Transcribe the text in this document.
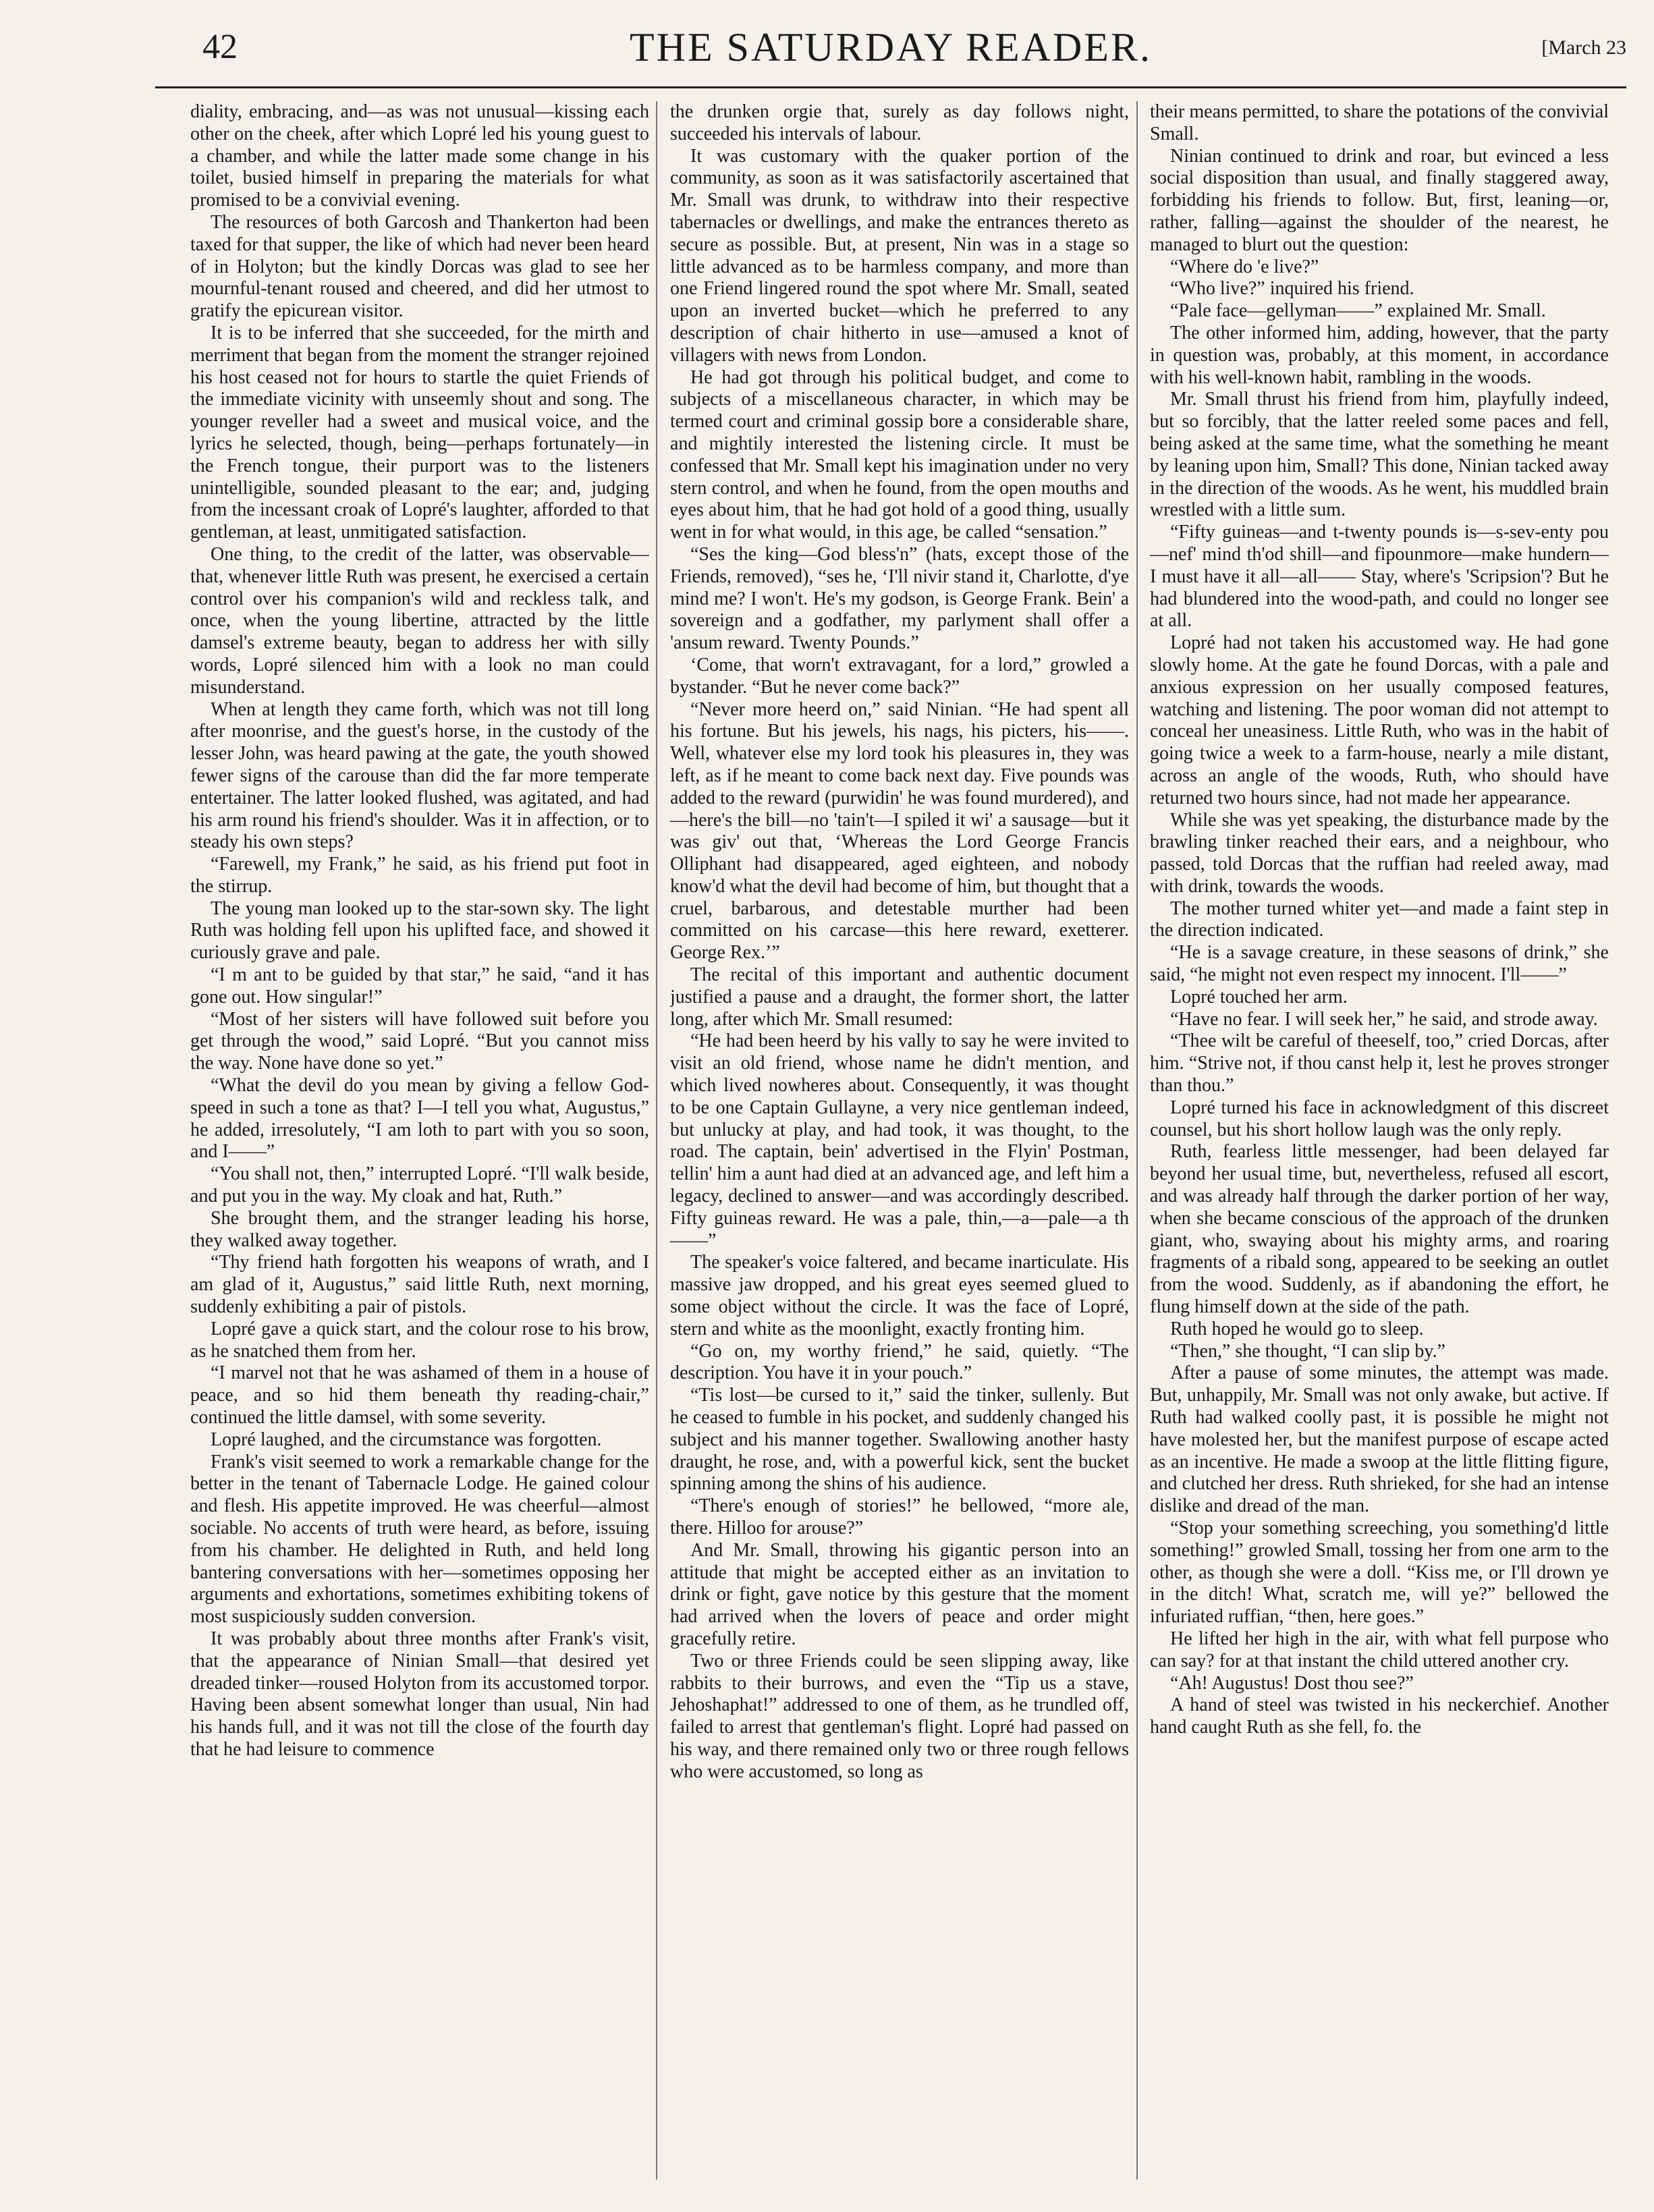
42	THE SATURDAY READER.	[March 23

diality, embracing, and—as was not unusual—kissing each other on the cheek, after which Lopré led his young guest to a chamber, and while the latter made some change in his toilet, busied himself in preparing the materials for what promised to be a convivial evening.

The resources of both Garcosh and Thankerton had been taxed for that supper, the like of which had never been heard of in Holyton; but the kindly Dorcas was glad to see her mournful-tenant roused and cheered, and did her utmost to gratify the epicurean visitor.

It is to be inferred that she succeeded, for the mirth and merriment that began from the moment the stranger rejoined his host ceased not for hours to startle the quiet Friends of the immediate vicinity with unseemly shout and song. The younger reveller had a sweet and musical voice, and the lyrics he selected, though, being—perhaps fortunately—in the French tongue, their purport was to the listeners unintelligible, sounded pleasant to the ear; and, judging from the incessant croak of Lopré's laughter, afforded to that gentleman, at least, unmitigated satisfaction.

One thing, to the credit of the latter, was observable—that, whenever little Ruth was present, he exercised a certain control over his companion's wild and reckless talk, and once, when the young libertine, attracted by the little damsel's extreme beauty, began to address her with silly words, Lopré silenced him with a look no man could misunderstand.

When at length they came forth, which was not till long after moonrise, and the guest's horse, in the custody of the lesser John, was heard pawing at the gate, the youth showed fewer signs of the carouse than did the far more temperate entertainer. The latter looked flushed, was agitated, and had his arm round his friend's shoulder. Was it in affection, or to steady his own steps?

“Farewell, my Frank,” he said, as his friend put foot in the stirrup.

The young man looked up to the star-sown sky. The light Ruth was holding fell upon his uplifted face, and showed it curiously grave and pale.

“I m ant to be guided by that star,” he said, “and it has gone out. How singular!”

“Most of her sisters will have followed suit before you get through the wood,” said Lopré. “But you cannot miss the way. None have done so yet.”

“What the devil do you mean by giving a fellow God-speed in such a tone as that? I—I tell you what, Augustus,” he added, irresolutely, “I am loth to part with you so soon, and I——”

“You shall not, then,” interrupted Lopré. “I'll walk beside, and put you in the way. My cloak and hat, Ruth.”

She brought them, and the stranger leading his horse, they walked away together.

“Thy friend hath forgotten his weapons of wrath, and I am glad of it, Augustus,” said little Ruth, next morning, suddenly exhibiting a pair of pistols.

Lopré gave a quick start, and the colour rose to his brow, as he snatched them from her.

“I marvel not that he was ashamed of them in a house of peace, and so hid them beneath thy reading-chair,” continued the little damsel, with some severity.

Lopré laughed, and the circumstance was forgotten.

Frank's visit seemed to work a remarkable change for the better in the tenant of Tabernacle Lodge. He gained colour and flesh. His appetite improved. He was cheerful—almost sociable. No accents of truth were heard, as before, issuing from his chamber. He delighted in Ruth, and held long bantering conversations with her—sometimes opposing her arguments and exhortations, sometimes exhibiting tokens of most suspiciously sudden conversion.

It was probably about three months after Frank's visit, that the appearance of Ninian Small—that desired yet dreaded tinker—roused Holyton from its accustomed torpor. Having been absent somewhat longer than usual, Nin had his hands full, and it was not till the close of the fourth day that he had leisure to commence

the drunken orgie that, surely as day follows night, succeeded his intervals of labour.

It was customary with the quaker portion of the community, as soon as it was satisfactorily ascertained that Mr. Small was drunk, to withdraw into their respective tabernacles or dwellings, and make the entrances thereto as secure as possible. But, at present, Nin was in a stage so little advanced as to be harmless company, and more than one Friend lingered round the spot where Mr. Small, seated upon an inverted bucket—which he preferred to any description of chair hitherto in use—amused a knot of villagers with news from London.

He had got through his political budget, and come to subjects of a miscellaneous character, in which may be termed court and criminal gossip bore a considerable share, and mightily interested the listening circle. It must be confessed that Mr. Small kept his imagination under no very stern control, and when he found, from the open mouths and eyes about him, that he had got hold of a good thing, usually went in for what would, in this age, be called “sensation.”

“Ses the king—God bless'n” (hats, except those of the Friends, removed), “ses he, ‘I'll nivir stand it, Charlotte, d'ye mind me? I won't. He's my godson, is George Frank. Bein' a sovereign and a godfather, my parlyment shall offer a 'ansum reward. Twenty Pounds.”

‘Come, that worn't extravagant, for a lord,” growled a bystander. “But he never come back?”

“Never more heerd on,” said Ninian. “He had spent all his fortune. But his jewels, his nags, his picters, his——. Well, whatever else my lord took his pleasures in, they was left, as if he meant to come back next day. Five pounds was added to the reward (purwidin' he was found murdered), and—here's the bill—no 'tain't—I spiled it wi' a sausage—but it was giv' out that, ‘Whereas the Lord George Francis Olliphant had disappeared, aged eighteen, and nobody know'd what the devil had become of him, but thought that a cruel, barbarous, and detestable murther had been committed on his carcase—this here reward, exetterer. George Rex.’”

The recital of this important and authentic document justified a pause and a draught, the former short, the latter long, after which Mr. Small resumed:

“He had been heerd by his vally to say he were invited to visit an old friend, whose name he didn't mention, and which lived nowheres about. Consequently, it was thought to be one Captain Gullayne, a very nice gentleman indeed, but unlucky at play, and had took, it was thought, to the road. The captain, bein' advertised in the Flyin' Postman, tellin' him a aunt had died at an advanced age, and left him a legacy, declined to answer—and was accordingly described. Fifty guineas reward. He was a pale, thin,—a—pale—a th——”

The speaker's voice faltered, and became inarticulate. His massive jaw dropped, and his great eyes seemed glued to some object without the circle. It was the face of Lopré, stern and white as the moonlight, exactly fronting him.

“Go on, my worthy friend,” he said, quietly. “The description. You have it in your pouch.”

“Tis lost—be cursed to it,” said the tinker, sullenly. But he ceased to fumble in his pocket, and suddenly changed his subject and his manner together. Swallowing another hasty draught, he rose, and, with a powerful kick, sent the bucket spinning among the shins of his audience.

“There's enough of stories!” he bellowed, “more ale, there. Hilloo for arouse?”

And Mr. Small, throwing his gigantic person into an attitude that might be accepted either as an invitation to drink or fight, gave notice by this gesture that the moment had arrived when the lovers of peace and order might gracefully retire.

Two or three Friends could be seen slipping away, like rabbits to their burrows, and even the “Tip us a stave, Jehoshaphat!” addressed to one of them, as he trundled off, failed to arrest that gentleman's flight. Lopré had passed on his way, and there remained only two or three rough fellows who were accustomed, so long as

their means permitted, to share the potations of the convivial Small.

Ninian continued to drink and roar, but evinced a less social disposition than usual, and finally staggered away, forbidding his friends to follow. But, first, leaning—or, rather, falling—against the shoulder of the nearest, he managed to blurt out the question:

“Where do 'e live?”

“Who live?” inquired his friend.

“Pale face—gellyman——” explained Mr. Small.

The other informed him, adding, however, that the party in question was, probably, at this moment, in accordance with his well-known habit, rambling in the woods.

Mr. Small thrust his friend from him, playfully indeed, but so forcibly, that the latter reeled some paces and fell, being asked at the same time, what the something he meant by leaning upon him, Small? This done, Ninian tacked away in the direction of the woods. As he went, his muddled brain wrestled with a little sum.

“Fifty guineas—and t-twenty pounds is—s-sev-enty pou—nef' mind th'od shill—and fipounmore—make hundern—I must have it all—all—— Stay, where's 'Scripsion'? But he had blundered into the wood-path, and could no longer see at all.

Lopré had not taken his accustomed way. He had gone slowly home. At the gate he found Dorcas, with a pale and anxious expression on her usually composed features, watching and listening. The poor woman did not attempt to conceal her uneasiness. Little Ruth, who was in the habit of going twice a week to a farm-house, nearly a mile distant, across an angle of the woods, Ruth, who should have returned two hours since, had not made her appearance.

While she was yet speaking, the disturbance made by the brawling tinker reached their ears, and a neighbour, who passed, told Dorcas that the ruffian had reeled away, mad with drink, towards the woods.

The mother turned whiter yet—and made a faint step in the direction indicated.

“He is a savage creature, in these seasons of drink,” she said, “he might not even respect my innocent. I'll——”

Lopré touched her arm.

“Have no fear. I will seek her,” he said, and strode away.

“Thee wilt be careful of theeself, too,” cried Dorcas, after him. “Strive not, if thou canst help it, lest he proves stronger than thou.”

Lopré turned his face in acknowledgment of this discreet counsel, but his short hollow laugh was the only reply.

Ruth, fearless little messenger, had been delayed far beyond her usual time, but, nevertheless, refused all escort, and was already half through the darker portion of her way, when she became conscious of the approach of the drunken giant, who, swaying about his mighty arms, and roaring fragments of a ribald song, appeared to be seeking an outlet from the wood. Suddenly, as if abandoning the effort, he flung himself down at the side of the path.

Ruth hoped he would go to sleep.

“Then,” she thought, “I can slip by.”

After a pause of some minutes, the attempt was made. But, unhappily, Mr. Small was not only awake, but active. If Ruth had walked coolly past, it is possible he might not have molested her, but the manifest purpose of escape acted as an incentive. He made a swoop at the little flitting figure, and clutched her dress. Ruth shrieked, for she had an intense dislike and dread of the man.

“Stop your something screeching, you something'd little something!” growled Small, tossing her from one arm to the other, as though she were a doll. “Kiss me, or I'll drown ye in the ditch! What, scratch me, will ye?” bellowed the infuriated ruffian, “then, here goes.”

He lifted her high in the air, with what fell purpose who can say? for at that instant the child uttered another cry.

“Ah! Augustus! Dost thou see?”

A hand of steel was twisted in his neckerchief. Another hand caught Ruth as she fell, fo. the
